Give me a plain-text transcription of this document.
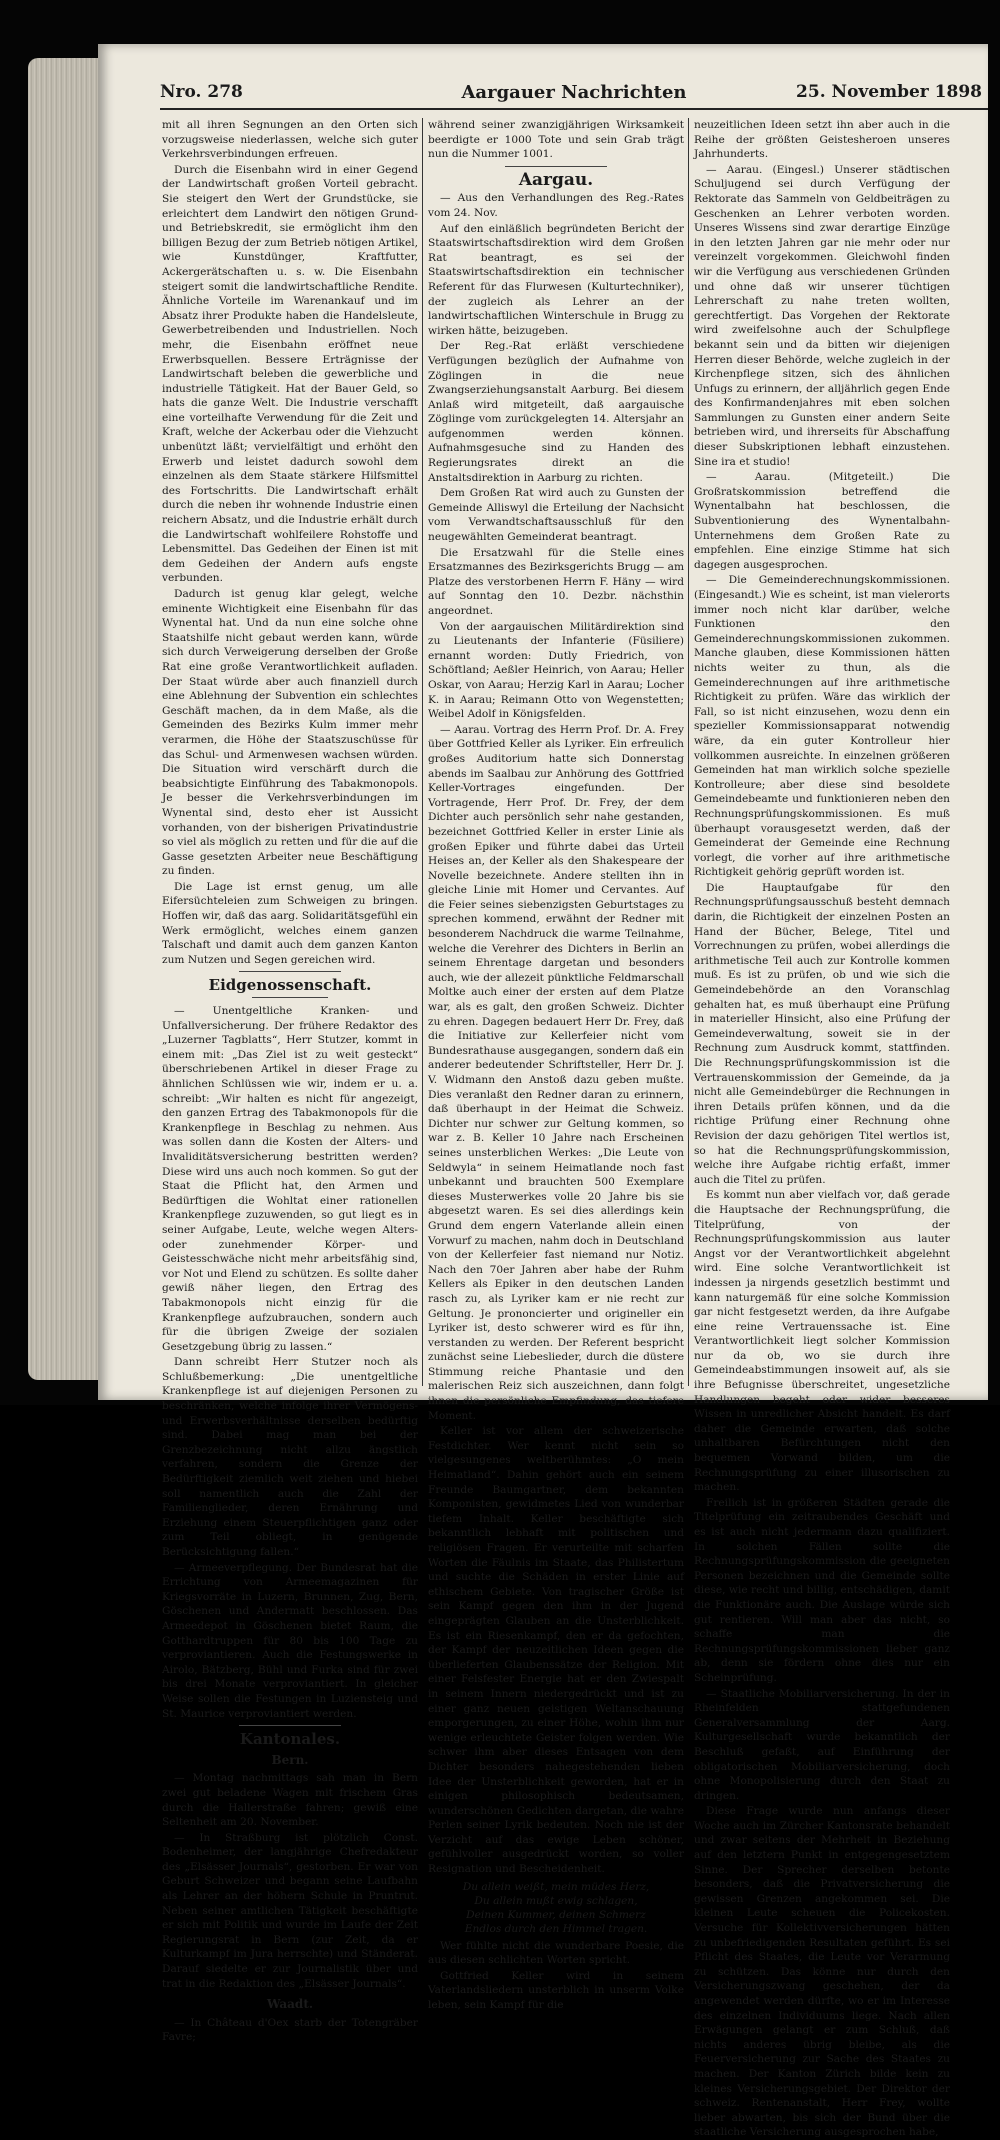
Nro. 278	Aargauer Nachrichten	25. November 1898

mit all ihren Segnungen an den Orten sich vorzugsweise niederlassen, welche sich guter Verkehrsverbindungen erfreuen.

Durch die Eisenbahn wird in einer Gegend der Landwirtschaft großen Vorteil gebracht. Sie steigert den Wert der Grundstücke, sie erleichtert dem Landwirt den nötigen Grund- und Betriebskredit, sie ermöglicht ihm den billigen Bezug der zum Betrieb nötigen Artikel, wie Kunstdünger, Kraftfutter, Ackergerätschaften u. s. w. Die Eisenbahn steigert somit die landwirtschaftliche Rendite. Ähnliche Vorteile im Warenankauf und im Absatz ihrer Produkte haben die Handelsleute, Gewerbetreibenden und Industriellen. Noch mehr, die Eisenbahn eröffnet neue Erwerbsquellen. Bessere Erträgnisse der Landwirtschaft beleben die gewerbliche und industrielle Tätigkeit. Hat der Bauer Geld, so hats die ganze Welt. Die Industrie verschafft eine vorteilhafte Verwendung für die Zeit und Kraft, welche der Ackerbau oder die Viehzucht unbenützt läßt; vervielfältigt und erhöht den Erwerb und leistet dadurch sowohl dem einzelnen als dem Staate stärkere Hilfsmittel des Fortschritts. Die Landwirtschaft erhält durch die neben ihr wohnende Industrie einen reichern Absatz, und die Industrie erhält durch die Landwirtschaft wohlfeilere Rohstoffe und Lebensmittel. Das Gedeihen der Einen ist mit dem Gedeihen der Andern aufs engste verbunden.

Dadurch ist genug klar gelegt, welche eminente Wichtigkeit eine Eisenbahn für das Wynental hat. Und da nun eine solche ohne Staatshilfe nicht gebaut werden kann, würde sich durch Verweigerung derselben der Große Rat eine große Verantwortlichkeit aufladen. Der Staat würde aber auch finanziell durch eine Ablehnung der Subvention ein schlechtes Geschäft machen, da in dem Maße, als die Gemeinden des Bezirks Kulm immer mehr verarmen, die Höhe der Staatszuschüsse für das Schul- und Armenwesen wachsen würden. Die Situation wird verschärft durch die beabsichtigte Einführung des Tabakmonopols. Je besser die Verkehrsverbindungen im Wynental sind, desto eher ist Aussicht vorhanden, von der bisherigen Privatindustrie so viel als möglich zu retten und für die auf die Gasse gesetzten Arbeiter neue Beschäftigung zu finden.

Die Lage ist ernst genug, um alle Eifersüchteleien zum Schweigen zu bringen. Hoffen wir, daß das aarg. Solidaritätsgefühl ein Werk ermöglicht, welches einem ganzen Talschaft und damit auch dem ganzen Kanton zum Nutzen und Segen gereichen wird.

Eidgenossenschaft.

— Unentgeltliche Kranken- und Unfallversicherung. Der frühere Redaktor des „Luzerner Tagblatts“, Herr Stutzer, kommt in einem mit: „Das Ziel ist zu weit gesteckt“ überschriebenen Artikel in dieser Frage zu ähnlichen Schlüssen wie wir, indem er u. a. schreibt: „Wir halten es nicht für angezeigt, den ganzen Ertrag des Tabakmonopols für die Krankenpflege in Beschlag zu nehmen. Aus was sollen dann die Kosten der Alters- und Invaliditätsversicherung bestritten werden? Diese wird uns auch noch kommen. So gut der Staat die Pflicht hat, den Armen und Bedürftigen die Wohltat einer rationellen Krankenpflege zuzuwenden, so gut liegt es in seiner Aufgabe, Leute, welche wegen Alters- oder zunehmender Körper- und Geistesschwäche nicht mehr arbeitsfähig sind, vor Not und Elend zu schützen. Es sollte daher gewiß näher liegen, den Ertrag des Tabakmonopols nicht einzig für die Krankenpflege aufzubrauchen, sondern auch für die übrigen Zweige der sozialen Gesetzgebung übrig zu lassen.“

Dann schreibt Herr Stutzer noch als Schlußbemerkung: „Die unentgeltliche Krankenpflege ist auf diejenigen Personen zu beschränken, welche infolge ihrer Vermögens- und Erwerbsverhältnisse derselben bedürftig sind. Dabei mag man bei der Grenzbezeichnung nicht allzu ängstlich verfahren, sondern die Grenze der Bedürftigkeit ziemlich weit ziehen und hiebei soll namentlich auch die Zahl der Familienglieder, deren Ernährung und Erziehung einem Steuerpflichtigen ganz oder zum Teil obliegt, in genügende Berücksichtigung fallen.“

— Armeeverpflegung. Der Bundesrat hat die Errichtung von Armeemagazinen für Kriegsvorräte in Luzern, Brunnen, Zug, Bern, Göschenen und Andermatt beschlossen. Das Armeedepot in Göschenen bietet Raum, die Gotthardtruppen für 80 bis 100 Tage zu verproviantieren. Auch die Festungswerke in Airolo, Bätzberg, Bühl und Furka sind für zwei bis drei Monate verproviantiert. In gleicher Weise sollen die Festungen in Luziensteig und St. Maurice verproviantiert werden.

Kantonales.
Bern.

— Montag nachmittags sah man in Bern zwei gut beladene Wagen mit frischem Gras durch die Hallerstraße fahren; gewiß eine Seltenheit am 20. November.

— In Straßburg ist plötzlich Const. Bodenheimer, der langjährige Chefredakteur des „Elsässer Journals“, gestorben. Er war von Geburt Schweizer und begann seine Laufbahn als Lehrer an der höhern Schule in Pruntrut. Neben seiner amtlichen Tätigkeit beschäftigte er sich mit Politik und wurde im Laufe der Zeit Regierungsrat in Bern (zur Zeit, da er Kulturkampf im Jura herrschte) und Ständerat. Darauf siedelte er zur Journalistik über und trat in die Redaktion des „Elsässer Journals“.

Waadt.

— In Château d'Oex starb der Totengräber Favre;

während seiner zwanzigjährigen Wirksamkeit beerdigte er 1000 Tote und sein Grab trägt nun die Nummer 1001.

Aargau.

— Aus den Verhandlungen des Reg.-Rates vom 24. Nov.

Auf den einläßlich begründeten Bericht der Staatswirtschaftsdirektion wird dem Großen Rat beantragt, es sei der Staatswirtschaftsdirektion ein technischer Referent für das Flurwesen (Kulturtechniker), der zugleich als Lehrer an der landwirtschaftlichen Winterschule in Brugg zu wirken hätte, beizugeben.

Der Reg.-Rat erläßt verschiedene Verfügungen bezüglich der Aufnahme von Zöglingen in die neue Zwangserziehungsanstalt Aarburg. Bei diesem Anlaß wird mitgeteilt, daß aargauische Zöglinge vom zurückgelegten 14. Altersjahr an aufgenommen werden können. Aufnahmsgesuche sind zu Handen des Regierungsrates direkt an die Anstaltsdirektion in Aarburg zu richten.

Dem Großen Rat wird auch zu Gunsten der Gemeinde Alliswyl die Erteilung der Nachsicht vom Verwandtschaftsausschluß für den neugewählten Gemeinderat beantragt.

Die Ersatzwahl für die Stelle eines Ersatzmannes des Bezirksgerichts Brugg — am Platze des verstorbenen Herrn F. Häny — wird auf Sonntag den 10. Dezbr. nächsthin angeordnet.

Von der aargauischen Militärdirektion sind zu Lieutenants der Infanterie (Füsiliere) ernannt worden: Dutly Friedrich, von Schöftland; Aeßler Heinrich, von Aarau; Heller Oskar, von Aarau; Herzig Karl in Aarau; Locher K. in Aarau; Reimann Otto von Wegenstetten; Weibel Adolf in Königsfelden.

— Aarau. Vortrag des Herrn Prof. Dr. A. Frey über Gottfried Keller als Lyriker. Ein erfreulich großes Auditorium hatte sich Donnerstag abends im Saalbau zur Anhörung des Gottfried Keller-Vortrages eingefunden. Der Vortragende, Herr Prof. Dr. Frey, der dem Dichter auch persönlich sehr nahe gestanden, bezeichnet Gottfried Keller in erster Linie als großen Epiker und führte dabei das Urteil Heises an, der Keller als den Shakespeare der Novelle bezeichnete. Andere stellten ihn in gleiche Linie mit Homer und Cervantes. Auf die Feier seines siebenzigsten Geburtstages zu sprechen kommend, erwähnt der Redner mit besonderem Nachdruck die warme Teilnahme, welche die Verehrer des Dichters in Berlin an seinem Ehrentage dargetan und besonders auch, wie der allezeit pünktliche Feldmarschall Moltke auch einer der ersten auf dem Platze war, als es galt, den großen Schweiz. Dichter zu ehren. Dagegen bedauert Herr Dr. Frey, daß die Initiative zur Kellerfeier nicht vom Bundesrathause ausgegangen, sondern daß ein anderer bedeutender Schriftsteller, Herr Dr. J. V. Widmann den Anstoß dazu geben mußte. Dies veranlaßt den Redner daran zu erinnern, daß überhaupt in der Heimat die Schweiz. Dichter nur schwer zur Geltung kommen, so war z. B. Keller 10 Jahre nach Erscheinen seines unsterblichen Werkes: „Die Leute von Seldwyla“ in seinem Heimatlande noch fast unbekannt und brauchten 500 Exemplare dieses Musterwerkes volle 20 Jahre bis sie abgesetzt waren. Es sei dies allerdings kein Grund dem engern Vaterlande allein einen Vorwurf zu machen, nahm doch in Deutschland von der Kellerfeier fast niemand nur Notiz. Nach den 70er Jahren aber habe der Ruhm Kellers als Epiker in den deutschen Landen rasch zu, als Lyriker kam er nie recht zur Geltung. Je prononcierter und origineller ein Lyriker ist, desto schwerer wird es für ihn, verstanden zu werden. Der Referent bespricht zunächst seine Liebeslieder, durch die düstere Stimmung reiche Phantasie und den malerischen Reiz sich auszeichnen, dann folgt ihnen die persönliche Empfindung, das tiefere Moment.

Keller ist vor allem der schweizerische Festdichter. Wer kennt nicht sein so vielgesungenes weltberühmtes: „O mein Heimatland“. Dahin gehört auch ein seinem Freunde Baumgartner, dem bekannten Komponisten, gewidmetes Lied von wunderbar tiefem Inhalt. Keller beschäftigte sich bekanntlich lebhaft mit politischen und religiösen Fragen. Er verurteilte mit scharfen Worten die Fäulnis im Staate, das Philistertum und suchte die Schäden in erster Linie auf ethischem Gebiete. Von tragischer Größe ist sein Kampf gegen den ihm in der Jugend eingeprägten Glauben an die Unsterblichkeit. Es ist ein Riesenkampf, den er da gefochten, der Kampf der neuzeitlichen Ideen gegen die überlieferten Glaubenssätze der Religion. Mit einer Felsfester Energie hat er den Zwiespalt in seinem Innern niedergedrückt und ist zu einer ganz neuen geistigen Weltanschauung emporgerungen, zu einer Höhe, wohin ihm nur wenige erleuchtete Geister folgen werden. Wie schwer ihm aber dieses Entsagen von dem Dichter besonders nahegestehenden lieben Idee der Unsterblichkeit geworden, hat er in einigen philosophisch bedeutsamen, wunderschönen Gedichten dargetan, die wahre Perlen seiner Lyrik bedeuten. Noch nie ist der Verzicht auf das ewige Leben schöner, gefühlvoller ausgedrückt worden, so voller Resignation und Bescheidenheit.

Du allein weißt, mein müdes Herz,
Du allein mußt ewig schlagen,
Deinen Kummer, deinen Schmerz
Endlos durch den Himmel tragen.

Wer fühlte nicht die wunderbare Poesie, die aus diesen schlichten Worten spricht.

Gottfried Keller wird in seinem Vaterlandsliedern unsterblich in unserm Volke leben, sein Kampf für die

neuzeitlichen Ideen setzt ihn aber auch in die Reihe der größten Geistesheroen unseres Jahrhunderts.

— Aarau. (Eingesl.) Unserer städtischen Schuljugend sei durch Verfügung der Rektorate das Sammeln von Geldbeiträgen zu Geschenken an Lehrer verboten worden. Unseres Wissens sind zwar derartige Einzüge in den letzten Jahren gar nie mehr oder nur vereinzelt vorgekommen. Gleichwohl finden wir die Verfügung aus verschiedenen Gründen und ohne daß wir unserer tüchtigen Lehrerschaft zu nahe treten wollten, gerechtfertigt. Das Vorgehen der Rektorate wird zweifelsohne auch der Schulpflege bekannt sein und da bitten wir diejenigen Herren dieser Behörde, welche zugleich in der Kirchenpflege sitzen, sich des ähnlichen Unfugs zu erinnern, der alljährlich gegen Ende des Konfirmandenjahres mit eben solchen Sammlungen zu Gunsten einer andern Seite betrieben wird, und ihrerseits für Abschaffung dieser Subskriptionen lebhaft einzustehen. Sine ira et studio!

— Aarau. (Mitgeteilt.) Die Großratskommission betreffend die Wynentalbahn hat beschlossen, die Subventionierung des Wynentalbahn-Unternehmens dem Großen Rate zu empfehlen. Eine einzige Stimme hat sich dagegen ausgesprochen.

— Die Gemeinderechnungskommissionen. (Eingesandt.) Wie es scheint, ist man vielerorts immer noch nicht klar darüber, welche Funktionen den Gemeinderechnungskommissionen zukommen. Manche glauben, diese Kommissionen hätten nichts weiter zu thun, als die Gemeinderechnungen auf ihre arithmetische Richtigkeit zu prüfen. Wäre das wirklich der Fall, so ist nicht einzusehen, wozu denn ein spezieller Kommissionsapparat notwendig wäre, da ein guter Kontrolleur hier vollkommen ausreichte. In einzelnen größeren Gemeinden hat man wirklich solche spezielle Kontrolleure; aber diese sind besoldete Gemeindebeamte und funktionieren neben den Rechnungsprüfungskommissionen. Es muß überhaupt vorausgesetzt werden, daß der Gemeinderat der Gemeinde eine Rechnung vorlegt, die vorher auf ihre arithmetische Richtigkeit gehörig geprüft worden ist.

Die Hauptaufgabe für den Rechnungsprüfungsausschuß besteht demnach darin, die Richtigkeit der einzelnen Posten an Hand der Bücher, Belege, Titel und Vorrechnungen zu prüfen, wobei allerdings die arithmetische Teil auch zur Kontrolle kommen muß. Es ist zu prüfen, ob und wie sich die Gemeindebehörde an den Voranschlag gehalten hat, es muß überhaupt eine Prüfung in materieller Hinsicht, also eine Prüfung der Gemeindeverwaltung, soweit sie in der Rechnung zum Ausdruck kommt, stattfinden. Die Rechnungsprüfungskommission ist die Vertrauenskommission der Gemeinde, da ja nicht alle Gemeindebürger die Rechnungen in ihren Details prüfen können, und da die richtige Prüfung einer Rechnung ohne Revision der dazu gehörigen Titel wertlos ist, so hat die Rechnungsprüfungskommission, welche ihre Aufgabe richtig erfaßt, immer auch die Titel zu prüfen.

Es kommt nun aber vielfach vor, daß gerade die Hauptsache der Rechnungsprüfung, die Titelprüfung, von der Rechnungsprüfungskommission aus lauter Angst vor der Verantwortlichkeit abgelehnt wird. Eine solche Verantwortlichkeit ist indessen ja nirgends gesetzlich bestimmt und kann naturgemäß für eine solche Kommission gar nicht festgesetzt werden, da ihre Aufgabe eine reine Vertrauenssache ist. Eine Verantwortlichkeit liegt solcher Kommission nur da ob, wo sie durch ihre Gemeindeabstimmungen insoweit auf, als sie ihre Befugnisse überschreitet, ungesetzliche Handlungen begeht oder wider besseres Wissen in unredlicher Absicht handelt. Es darf daher die Gemeinde erwarten, daß solche unhaltbaren Befürchtungen nicht den bequemen Vorwand bilden, um die Rechnungsprüfung zu einer illusorischen zu machen.

Freilich ist in größeren Städten gerade die Titelprüfung ein zeitraubendes Geschäft und es ist auch nicht jedermann dazu qualifiziert. In solchen Fällen sollte die Rechnungsprüfungskommission die geeigneten Personen bezeichnen und die Gemeinde sollte diese, wie recht und billig, entschädigen, damit die Funktionäre auch. Die Auslage würde sich gut rentieren. Will man aber das nicht, so schaffe man die Rechnungsprüfungskommissionen lieber ganz ab, denn sie fördern ohne dies nur ein Scheinprüfung.

— Staatliche Mobiliarversicherung. In der in Rheinfelden stattgefundenen Generalversammlung der Aarg. Kulturgesellschaft wurde bekanntlich der Beschluß gefaßt, auf Einführung der obligatorischen Mobiliarversicherung, doch ohne Monopolisierung durch den Staat zu dringen.

Diese Frage wurde nun anfangs dieser Woche auch im Zürcher Kantonsrate behandelt und zwar seitens der Mehrheit in Beziehung auf den letztern Punkt in entgegengesetztem Sinne. Der Sprecher derselben betonte besonders, daß die Privatversicherung die gewissen Grenzen angekommen sei. Die kleinen Leute scheuen die Policekosten. Versuche für Kollektivversicherungen hätten zu unbefriedigenden Resultaten geführt. Es sei Pflicht des Staates, die Leute vor Verarmung zu schützen. Das könne nur durch den Versicherungszwang geschehen, der da angewendet werden dürfte, wo er im Interesse des einzelnen Individuums liege. Nach allen Erwägungen gelangt er zum Schluß, daß nichts anderes übrig bleibe, als die Feuerversicherung zur Sache des Staates zu machen. Der Kanton Zürich bilde kein zu kleines Versicherungsgebiet. Der Direktor der schweiz. Rentenanstalt, Herr Frey, wollte lieber abwarten, bis sich der Bund über die staatliche Versicherung ausgesprochen habe,
